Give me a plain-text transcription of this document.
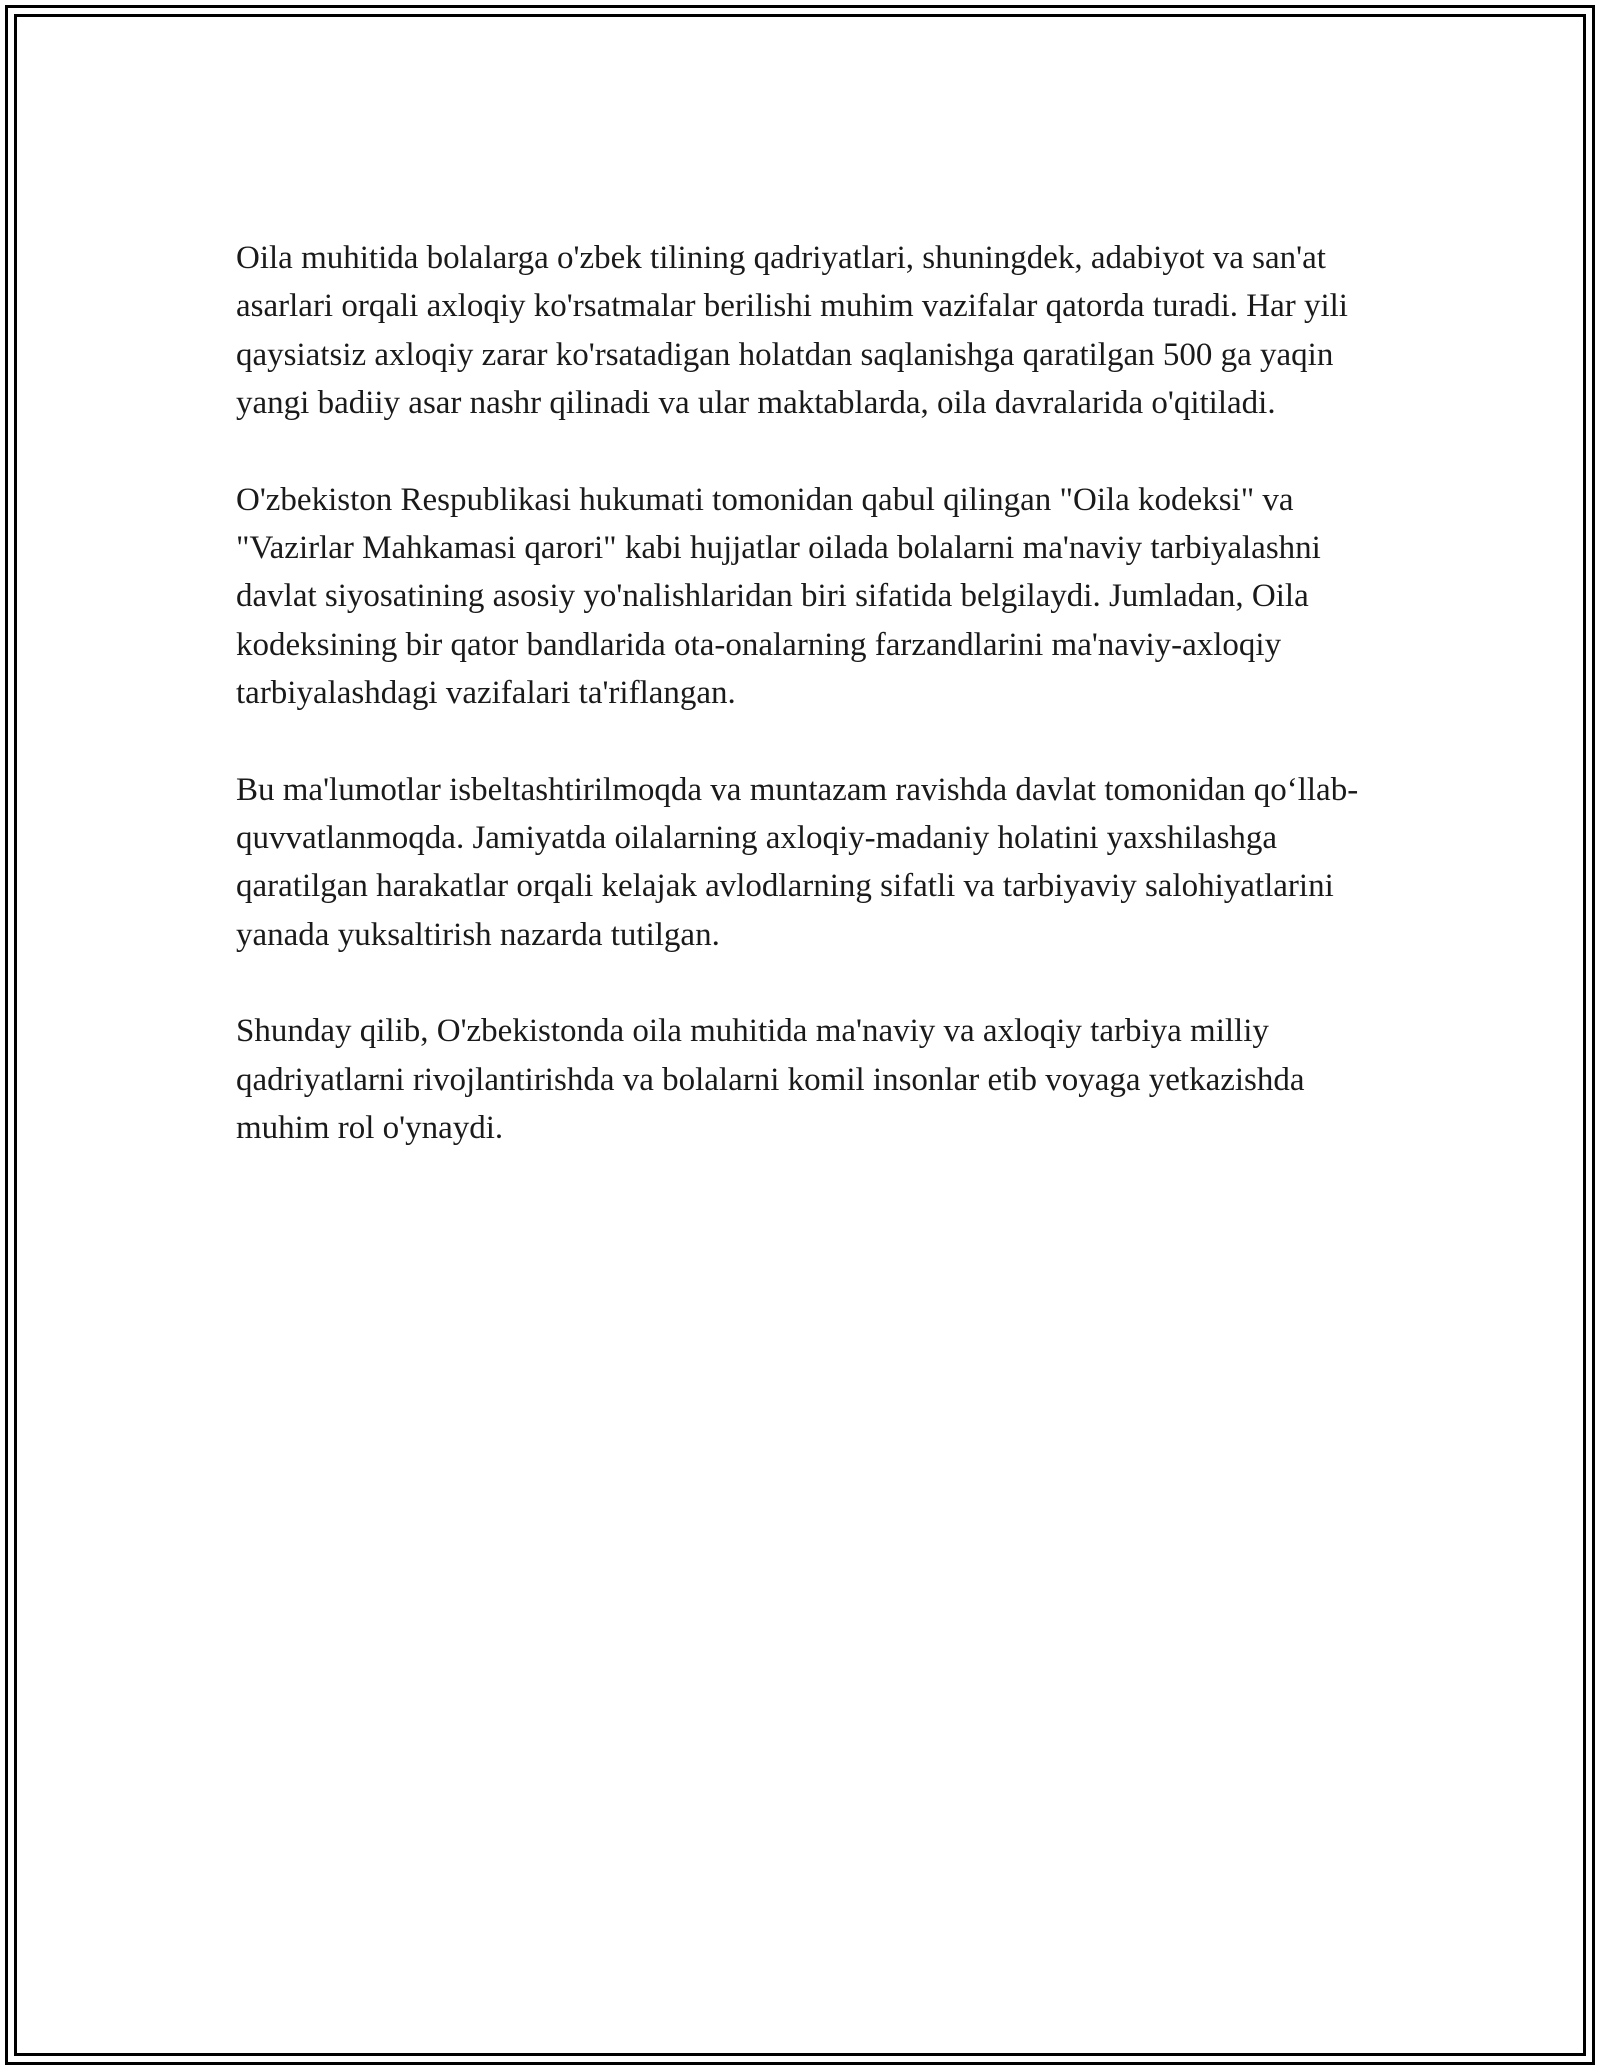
Oila muhitida bolalarga o'zbek tilining qadriyatlari, shuningdek, adabiyot va san'at asarlari orqali axloqiy ko'rsatmalar berilishi muhim vazifalar qatorda turadi. Har yili qaysiatsiz axloqiy zarar ko'rsatadigan holatdan saqlanishga qaratilgan 500 ga yaqin yangi badiiy asar nashr qilinadi va ular maktablarda, oila davralarida o'qitiladi.

O'zbekiston Respublikasi hukumati tomonidan qabul qilingan "Oila kodeksi" va "Vazirlar Mahkamasi qarori" kabi hujjatlar oilada bolalarni ma'naviy tarbiyalashni davlat siyosatining asosiy yo'nalishlaridan biri sifatida belgilaydi. Jumladan, Oila kodeksining bir qator bandlarida ota-onalarning farzandlarini ma'naviy-axloqiy tarbiyalashdagi vazifalari ta'riflangan.

Bu ma'lumotlar isbeltashtirilmoqda va muntazam ravishda davlat tomonidan qo‘llab-quvvatlanmoqda. Jamiyatda oilalarning axloqiy-madaniy holatini yaxshilashga qaratilgan harakatlar orqali kelajak avlodlarning sifatli va tarbiyaviy salohiyatlarini yanada yuksaltirish nazarda tutilgan.

Shunday qilib, O'zbekistonda oila muhitida ma'naviy va axloqiy tarbiya milliy qadriyatlarni rivojlantirishda va bolalarni komil insonlar etib voyaga yetkazishda muhim rol o'ynaydi.
